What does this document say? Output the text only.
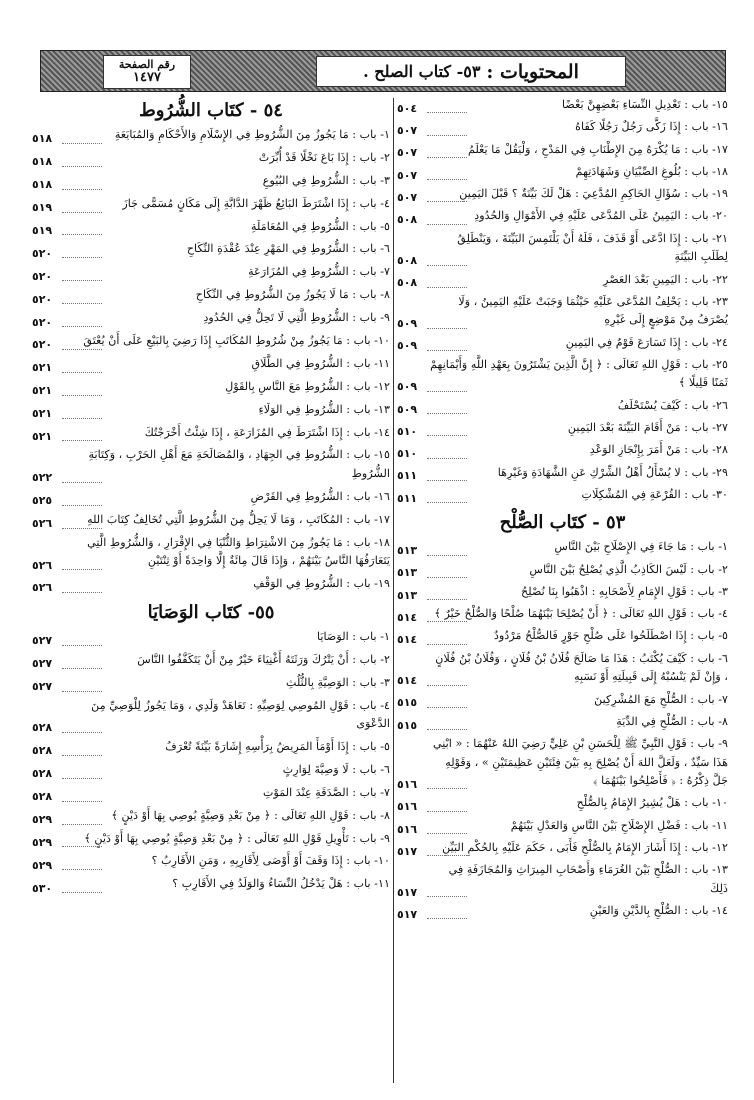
المحتويات :
٥٣- كتاب الصلح .
رقم الصفحة
١٤٧٧
١٥- باب : تَعْدِيلِ النِّسَاءِ بَعْضِهِنَّ بَعْضًا
٥٠٤
١٦- باب : إِذَا زَكَّى رَجُلٌ رَجُلًا كَفَاهُ
٥٠٧
١٧- باب : مَا يُكْرَهُ مِنَ الإِطْنَابِ فِي المَدْحِ ، وَلْيَقُلْ مَا يَعْلَمُ
٥٠٧
١٨- باب : بُلُوغِ الصِّبْيَانِ وَشَهَادَتِهِمْ
٥٠٧
١٩- باب : سُؤَالِ الحَاكِمِ المُدَّعِيَ : هَلْ لَكَ بَيِّنَةٌ ؟ قَبْلَ اليَمِينِ
٥٠٧
٢٠- باب : اليَمِينُ عَلَى المُدَّعَى عَلَيْهِ فِي الأَمْوَالِ وَالحُدُودِ
٥٠٨
٢١- باب : إِذَا ادَّعَى أَوْ قَذَفَ ، فَلَهُ أَنْ يَلْتَمِسَ البَيِّنَةَ ، وَيَنْطَلِقُ لِطَلَبِ البَيِّنَةِ
٥٠٨
٢٢- باب : اليَمِينِ بَعْدَ العَصْرِ
٥٠٨
٢٣- باب : يَحْلِفُ المُدَّعَى عَلَيْهِ حَيْثُمَا وَجَبَتْ عَلَيْهِ اليَمِينُ ، وَلَا يُصْرَفُ مِنْ مَوْضِعٍ إِلَى غَيْرِهِ
٥٠٩
٢٤- باب : إِذَا تَسَارَعَ قَوْمٌ فِي اليَمِينِ
٥٠٩
٢٥- باب : قَوْلِ اللهِ تَعَالَى : ﴿ إِنَّ الَّذِينَ يَشْتَرُونَ بِعَهْدِ اللَّهِ وَأَيْمَانِهِمْ ثَمَنًا قَلِيلًا ﴾
٥٠٩
٢٦- باب : كَيْفَ يُسْتَحْلَفُ
٥٠٩
٢٧- باب : مَنْ أَقَامَ البَيِّنَةَ بَعْدَ اليَمِينِ
٥١٠
٢٨- باب : مَنْ أَمَرَ بِإِنْجَازِ الوَعْدِ
٥١٠
٢٩- باب : لا يُسْأَلُ أَهْلُ الشِّرْكِ عَنِ الشَّهَادَةِ وَغَيْرِهَا
٥١١
٣٠- باب : القُرْعَةِ فِي المُشْكِلَاتِ
٥١١
٥٣ - كتَاب الصُّلْح
١- باب : مَا جَاءَ فِي الإِصْلَاحِ بَيْنَ النَّاسِ
٥١٣
٢- باب : لَيْسَ الكَاذِبُ الَّذِي يُصْلِحُ بَيْنَ النَّاسِ
٥١٣
٣- باب : قَوْلِ الإِمَامِ لِأَصْحَابِهِ : اذْهَبُوا بِنَا نُصْلِحُ
٥١٣
٤- باب : قَوْلِ اللهِ تَعَالَى : ﴿ أَنْ يُصْلِحَا بَيْنَهُمَا صُلْحًا وَالصُّلْحُ خَيْرٌ ﴾
٥١٤
٥- باب : إِذَا اصْطَلَحُوا عَلَى صُلْحِ جَوْرٍ فَالصُّلْحُ مَرْدُودٌ
٥١٤
٦- باب : كَيْفَ يُكْتَبُ : هَذَا مَا صَالَحَ فُلَانُ بْنُ فُلَانٍ ، وَفُلَانُ بْنُ فُلَانٍ ، وَإِنْ لَمْ يَنْسُبْهُ إِلَى قَبِيلَتِهِ أَوْ نَسَبِهِ
٥١٤
٧- باب : الصُّلْحِ مَعَ المُشْرِكِينَ
٥١٥
٨- باب : الصُّلْحِ فِي الدِّيَةِ
٥١٥
٩- باب : قَوْلِ النَّبِيِّ ﷺ لِلْحَسَنِ بْنِ عَلِيٍّ رَضِيَ اللهُ عَنْهُمَا : « ابْنِي هَذَا سَيِّدٌ ، وَلَعَلَّ اللهَ أَنْ يُصْلِحَ بِهِ بَيْنَ فِئَتَيْنِ عَظِيمَتَيْنِ » ، وَقَوْلِهِ جَلَّ ذِكْرُهُ : ﴿ فَأَصْلِحُوا بَيْنَهُمَا ﴾
٥١٦
١٠- باب : هَلْ يُشِيرُ الإِمَامُ بِالصُّلْحِ
٥١٦
١١- باب : فَضْلِ الإِصْلَاحِ بَيْنَ النَّاسِ وَالعَدْلِ بَيْنَهُمْ
٥١٦
١٢- باب : إِذَا أَشَارَ الإِمَامُ بِالصُّلْحِ فَأَبَى ، حَكَمَ عَلَيْهِ بِالحُكْمِ البَيِّنِ
٥١٧
١٣- باب : الصُّلْحِ بَيْنَ الغُرَمَاءِ وَأَصْحَابِ المِيرَاثِ وَالمُجَازَفَةِ فِي ذَلِكَ
٥١٧
١٤- باب : الصُّلْحِ بِالدَّيْنِ وَالعَيْنِ
٥١٧
٥٤ - كتَاب الشُّرُوط
١- باب : مَا يَجُوزُ مِنَ الشُّرُوطِ فِي الإِسْلَامِ وَالأَحْكَامِ وَالمُبَايَعَةِ
٥١٨
٢- باب : إِذَا بَاعَ نَخْلًا قَدْ أُبِّرَتْ
٥١٨
٣- باب : الشُّرُوطِ فِي البُيُوعِ
٥١٨
٤- باب : إِذَا اشْتَرَطَ البَائِعُ ظَهْرَ الدَّابَّةِ إِلَى مَكَانٍ مُسَمًّى جَازَ
٥١٩
٥- باب : الشُّرُوطِ فِي المُعَامَلَةِ
٥١٩
٦- باب : الشُّرُوطِ فِي المَهْرِ عِنْدَ عُقْدَةِ النِّكَاحِ
٥٢٠
٧- باب : الشُّرُوطِ فِي المُزَارَعَةِ
٥٢٠
٨- باب : مَا لَا يَجُوزُ مِنَ الشُّرُوطِ فِي النِّكَاحِ
٥٢٠
٩- باب : الشُّرُوطِ الَّتِي لَا تَحِلُّ فِي الحُدُودِ
٥٢٠
١٠- باب : مَا يَجُوزُ مِنْ شُرُوطِ المُكَاتَبِ إِذَا رَضِيَ بِالبَيْعِ عَلَى أَنْ يُعْتَقَ
٥٢٠
١١- باب : الشُّرُوطِ فِي الطَّلَاقِ
٥٢١
١٢- باب : الشُّرُوطِ مَعَ النَّاسِ بِالقَوْلِ
٥٢١
١٣- باب : الشُّرُوطِ فِي الوَلَاءِ
٥٢١
١٤- باب : إِذَا اشْتَرَطَ فِي المُزَارَعَةِ ، إِذَا شِئْتُ أَخْرَجْتُكَ
٥٢١
١٥- باب : الشُّرُوطِ فِي الجِهَادِ ، وَالمُصَالَحَةِ مَعَ أَهْلِ الحَرْبِ ، وَكِتَابَةِ الشُّرُوطِ
٥٢٢
١٦- باب : الشُّرُوطِ فِي القَرْضِ
٥٢٥
١٧- باب : المُكَاتَبِ ، وَمَا لَا يَحِلُّ مِنَ الشُّرُوطِ الَّتِي تُخَالِفُ كِتَابَ اللهِ
٥٢٦
١٨- باب : مَا يَجُوزُ مِنَ الاشْتِرَاطِ وَالثُّنْيَا فِي الإِقْرَارِ ، وَالشُّرُوطِ الَّتِي يَتَعَارَفُهَا النَّاسُ بَيْنَهُمْ ، وَإِذَا قَالَ مِائَةٌ إِلَّا وَاحِدَةً أَوْ ثِنْتَيْنِ
٥٢٦
١٩- باب : الشُّرُوطِ فِي الوَقْفِ
٥٢٦
٥٥- كتَاب الوَصَايَا
١- باب : الوَصَايَا
٥٢٧
٢- باب : أَنْ يَتْرُكَ وَرَثَتَهُ أَغْنِيَاءَ خَيْرٌ مِنْ أَنْ يَتَكَفَّفُوا النَّاسَ
٥٢٧
٣- باب : الوَصِيَّةِ بِالثُّلُثِ
٥٢٧
٤- باب : قَوْلِ المُوصِي لِوَصِيِّهِ : تَعَاهَدْ وَلَدِي ، وَمَا يَجُوزُ لِلْوَصِيِّ مِنَ الدَّعْوَى
٥٢٨
٥- باب : إِذَا أَوْمَأَ المَرِيضُ بِرَأْسِهِ إِشَارَةً بَيِّنَةً تُعْرَفُ
٥٢٨
٦- باب : لَا وَصِيَّةَ لِوَارِثٍ
٥٢٨
٧- باب : الصَّدَقَةِ عِنْدَ المَوْتِ
٥٢٨
٨- باب : قَوْلِ اللهِ تَعَالَى : ﴿ مِنْ بَعْدِ وَصِيَّةٍ يُوصِي بِهَا أَوْ دَيْنٍ ﴾
٥٢٩
٩- باب : تَأْوِيلِ قَوْلِ اللهِ تَعَالَى : ﴿ مِنْ بَعْدِ وَصِيَّةٍ يُوصِي بِهَا أَوْ دَيْنٍ ﴾
٥٢٩
١٠- باب : إِذَا وَقَفَ أَوْ أَوْصَى لِأَقَارِبِهِ ، وَمَنِ الأَقَارِبُ ؟
٥٢٩
١١- باب : هَلْ يَدْخُلُ النِّسَاءُ وَالوَلَدُ فِي الأَقَارِبِ ؟
٥٣٠
